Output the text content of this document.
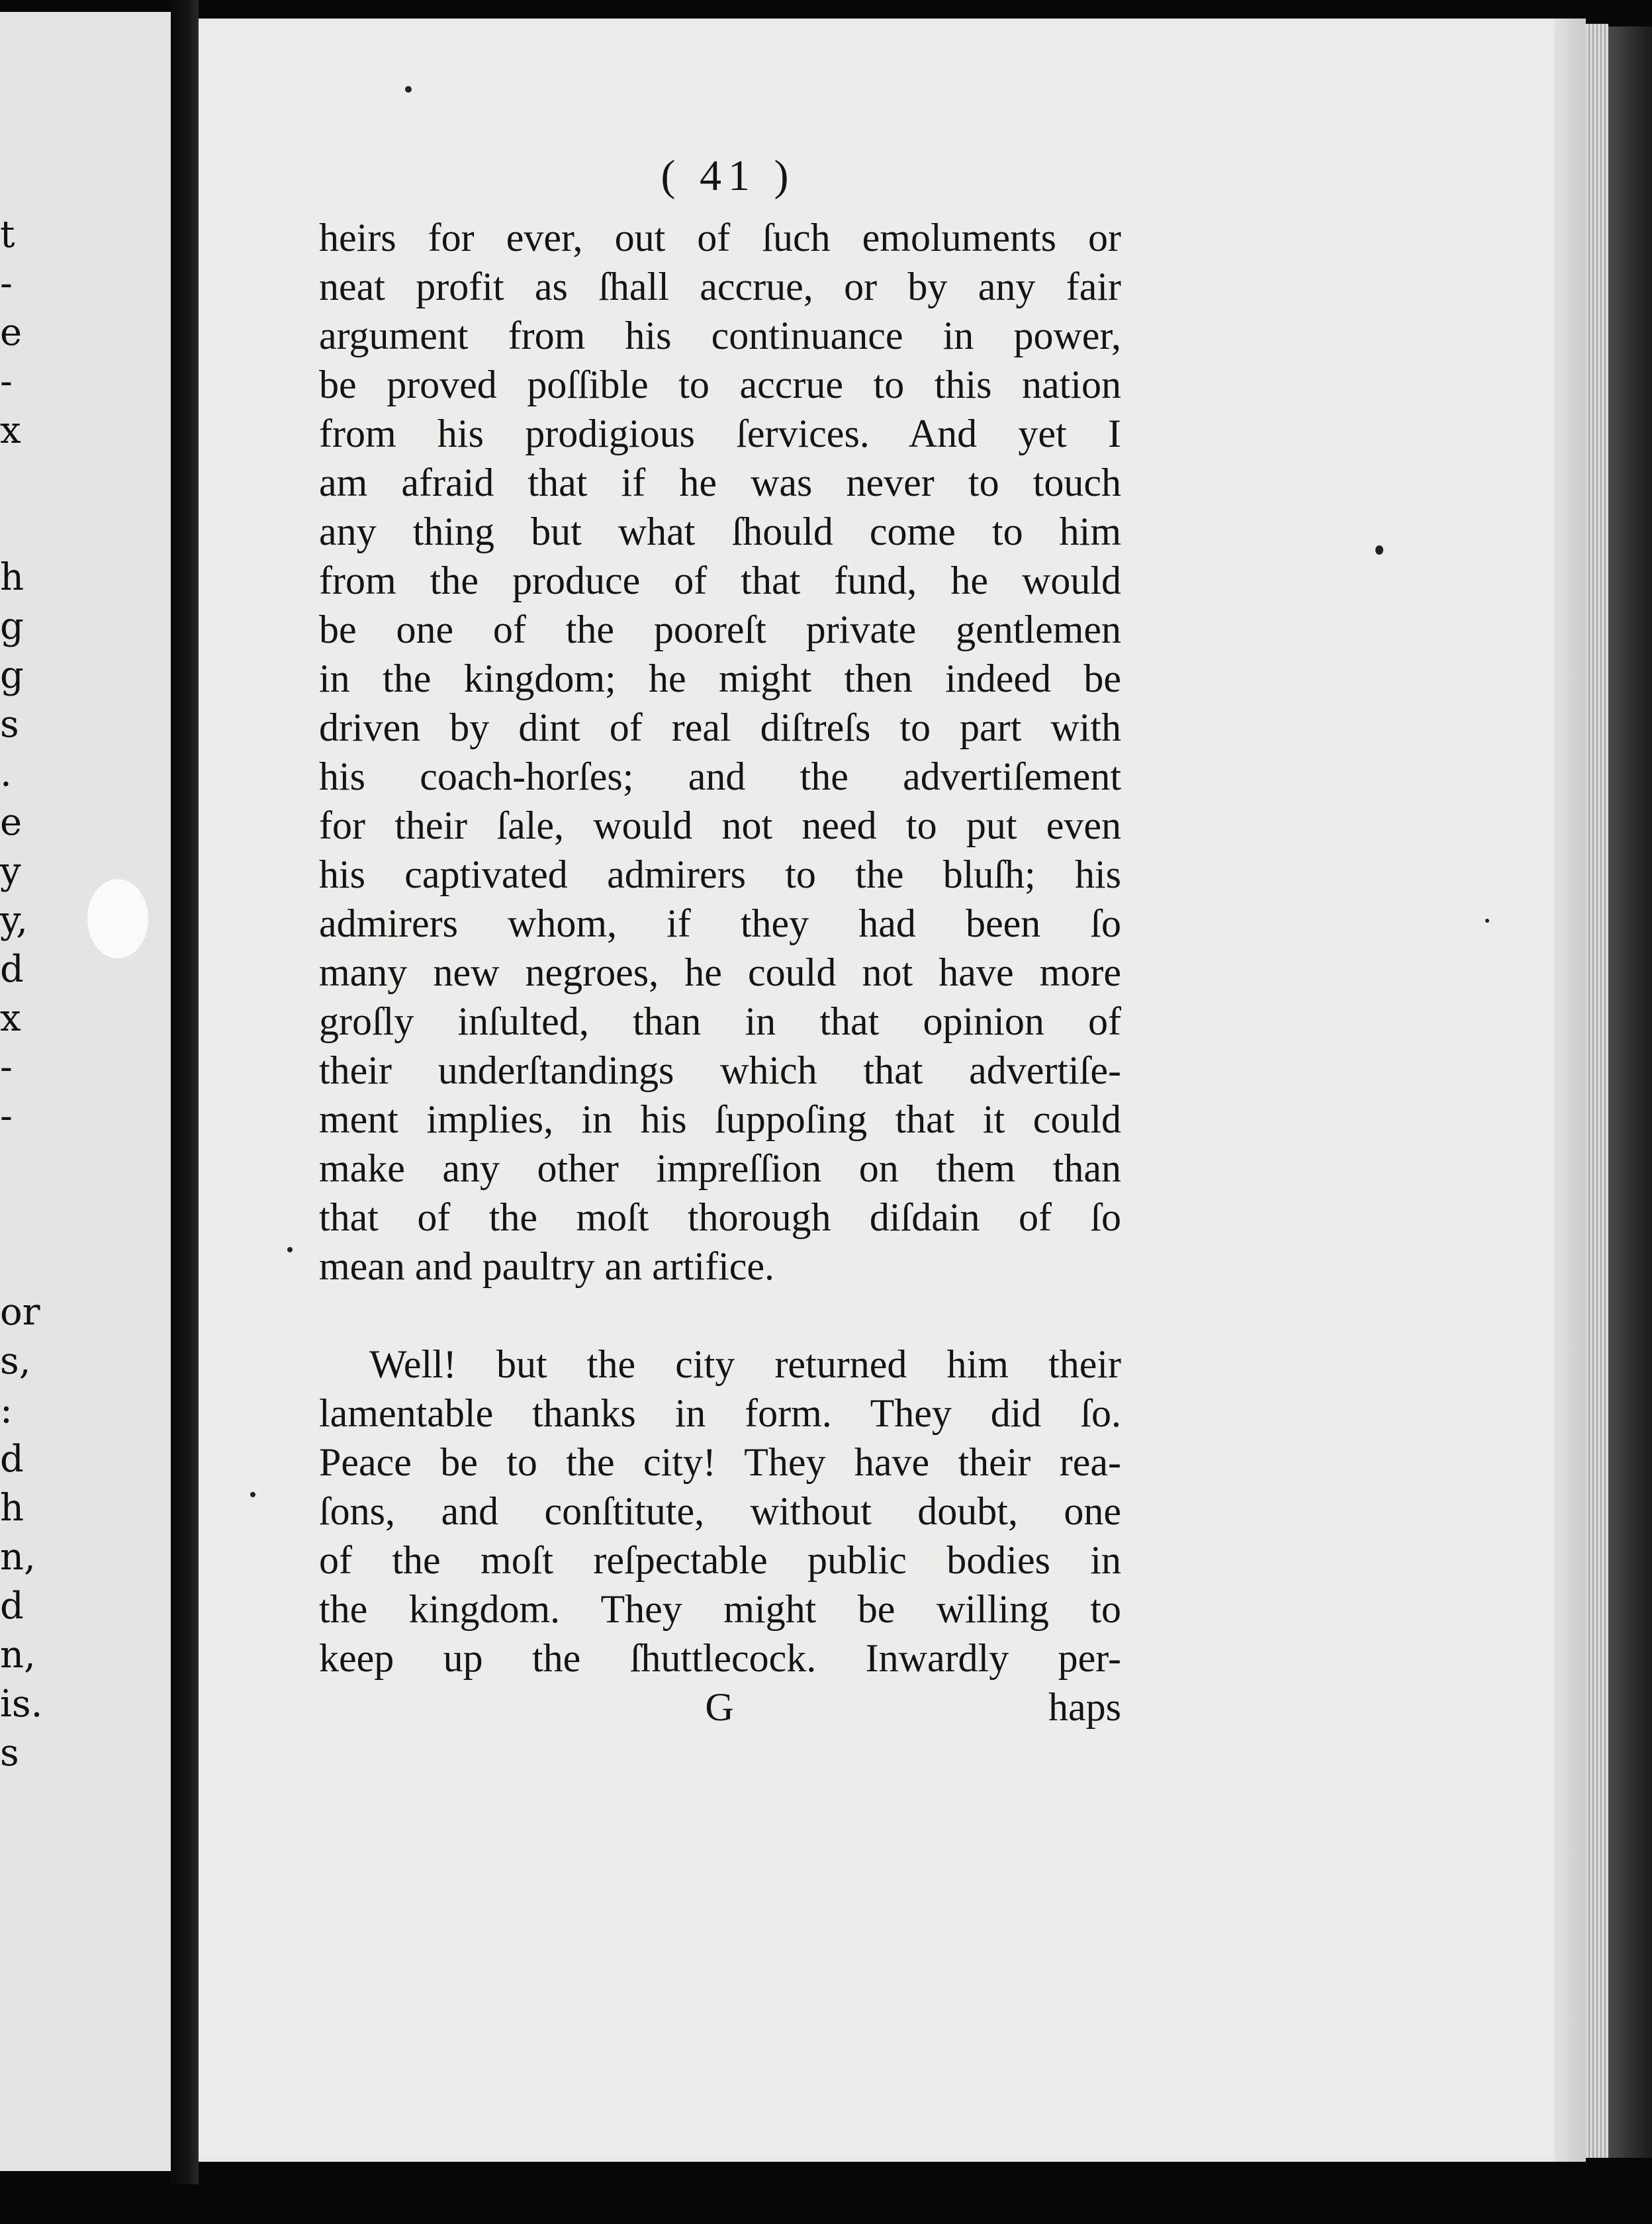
t
-
e
-
x
h
g
g
s
.
e
y
y,
d
x
-
-
or
s,
:
d
h
n,
d
n,
is.
s
( 41 )
heirs for ever, out of ſuch emoluments or
neat profit as ſhall accrue, or by any fair
argument from his continuance in power,
be proved poſſible to accrue to this nation
from his prodigious ſervices. And yet I
am afraid that if he was never to touch
any thing but what ſhould come to him
from the produce of that fund, he would
be one of the pooreſt private gentlemen
in the kingdom; he might then indeed be
driven by dint of real diſtreſs to part with
his coach-horſes; and the advertiſement
for their ſale, would not need to put even
his captivated admirers to the bluſh; his
admirers whom, if they had been ſo
many new negroes, he could not have more
groſly inſulted, than in that opinion of
their underſtandings which that advertiſe-
ment implies, in his ſuppoſing that it could
make any other impreſſion on them than
that of the moſt thorough diſdain of ſo
mean and paultry an artifice.
Well! but the city returned him their
lamentable thanks in form. They did ſo.
Peace be to the city! They have their rea-
ſons, and conſtitute, without doubt, one
of the moſt reſpectable public bodies in
the kingdom. They might be willing to
keep up the ſhuttlecock. Inwardly per-
G	haps
